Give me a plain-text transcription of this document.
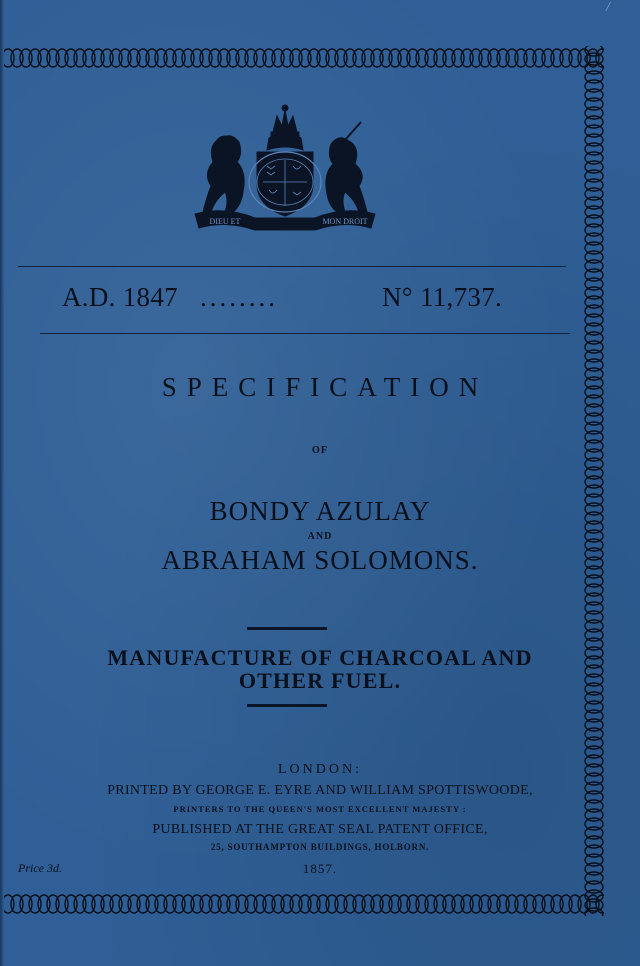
/
DIEU ET	MON DROIT
A.D. 1847 ........	N° 11,737.
SPECIFICATION
OF
BONDY AZULAY
AND
ABRAHAM SOLOMONS.
MANUFACTURE OF CHARCOAL AND
OTHER FUEL.
LONDON:
PRINTED BY GEORGE E. EYRE AND WILLIAM SPOTTISWOODE,
PRINTERS TO THE QUEEN'S MOST EXCELLENT MAJESTY :
PUBLISHED AT THE GREAT SEAL PATENT OFFICE,
25, SOUTHAMPTON BUILDINGS, HOLBORN.
1857.
Price 3d.
